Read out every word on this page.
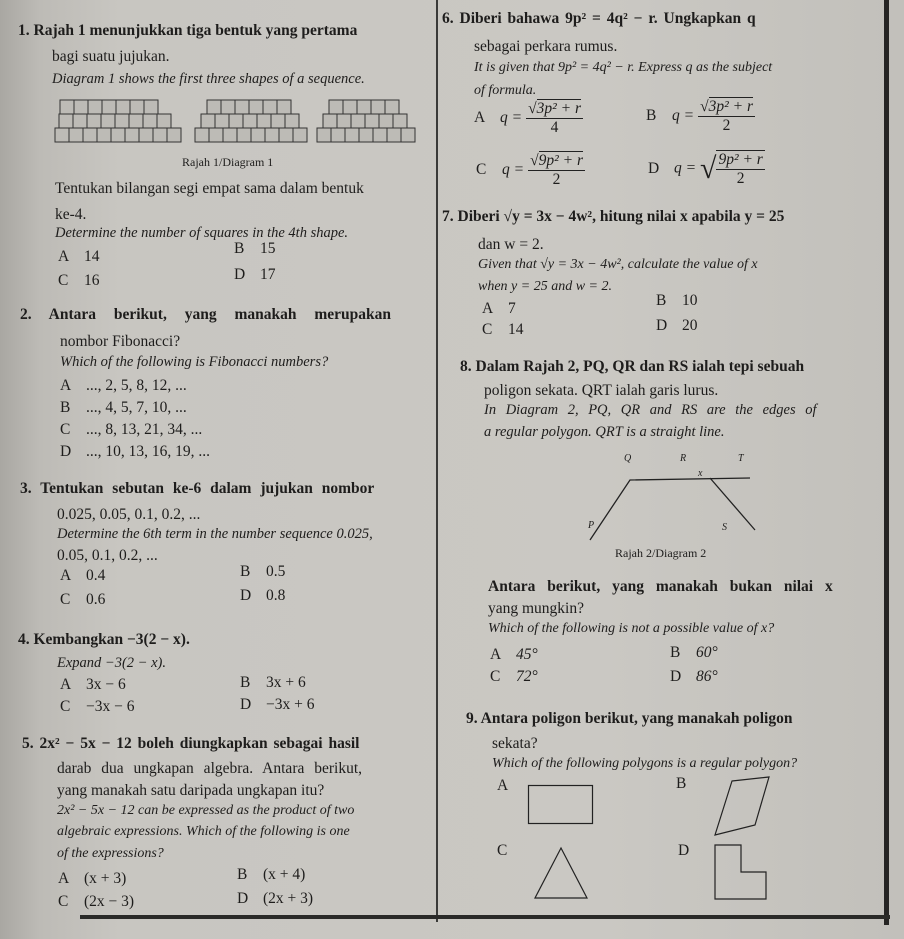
1. Rajah 1 menunjukkan tiga bentuk yang pertama
bagi suatu jujukan.
Diagram 1 shows the first three shapes of a sequence.
Rajah 1/Diagram 1
Tentukan bilangan segi empat sama dalam bentuk
ke-4.
Determine the number of squares in the 4th shape.
A 14	B 15
C 16	D 17
2. Antara berikut, yang manakah merupakan
nombor Fibonacci?
Which of the following is Fibonacci numbers?
A ..., 2, 5, 8, 12, ...
B ..., 4, 5, 7, 10, ...
C ..., 8, 13, 21, 34, ...
D ..., 10, 13, 16, 19, ...
3. Tentukan sebutan ke-6 dalam jujukan nombor
0.025, 0.05, 0.1, 0.2, ...
Determine the 6th term in the number sequence 0.025,
0.05, 0.1, 0.2, ...
A 0.4	B 0.5
C 0.6	D 0.8
4. Kembangkan −3(2 − x).
Expand −3(2 − x).
A 3x − 6	B 3x + 6
C −3x − 6	D −3x + 6
5. 2x² − 5x − 12 boleh diungkapkan sebagai hasil
darab dua ungkapan algebra. Antara berikut,
yang manakah satu daripada ungkapan itu?
2x² − 5x − 12 can be expressed as the product of two
algebraic expressions. Which of the following is one
of the expressions?
A (x + 3)	B (x + 4)
C (2x − 3)	D (2x + 3)
6. Diberi bahawa 9p² = 4q² − r. Ungkapkan q
sebagai perkara rumus.
It is given that 9p² = 4q² − r. Express q as the subject
of formula.
A $q = \frac{\text{√3p² + r}}{4}$	B $q = \frac{\text{√3p² + r}}{2}$
C $q = \frac{\text{√9p² + r}}{2}$	D q = √ $\frac{\text{9p² + r}}{2}$
7. Diberi √y = 3x − 4w², hitung nilai x apabila y = 25
dan w = 2.
Given that √y = 3x − 4w², calculate the value of x
when y = 25 and w = 2.
A 7	B 10
C 14	D 20
8. Dalam Rajah 2, PQ, QR dan RS ialah tepi sebuah
poligon sekata. QRT ialah garis lurus.
In Diagram 2, PQ, QR and RS are the edges of
a regular polygon. QRT is a straight line.
Q	R	T
x
P	S
Rajah 2/Diagram 2
Antara berikut, yang manakah bukan nilai x
yang mungkin?
Which of the following is not a possible value of x?
A 45°	B 60°
C 72°	D 86°
9. Antara poligon berikut, yang manakah poligon
sekata?
Which of the following polygons is a regular polygon?
A	B
C	D
